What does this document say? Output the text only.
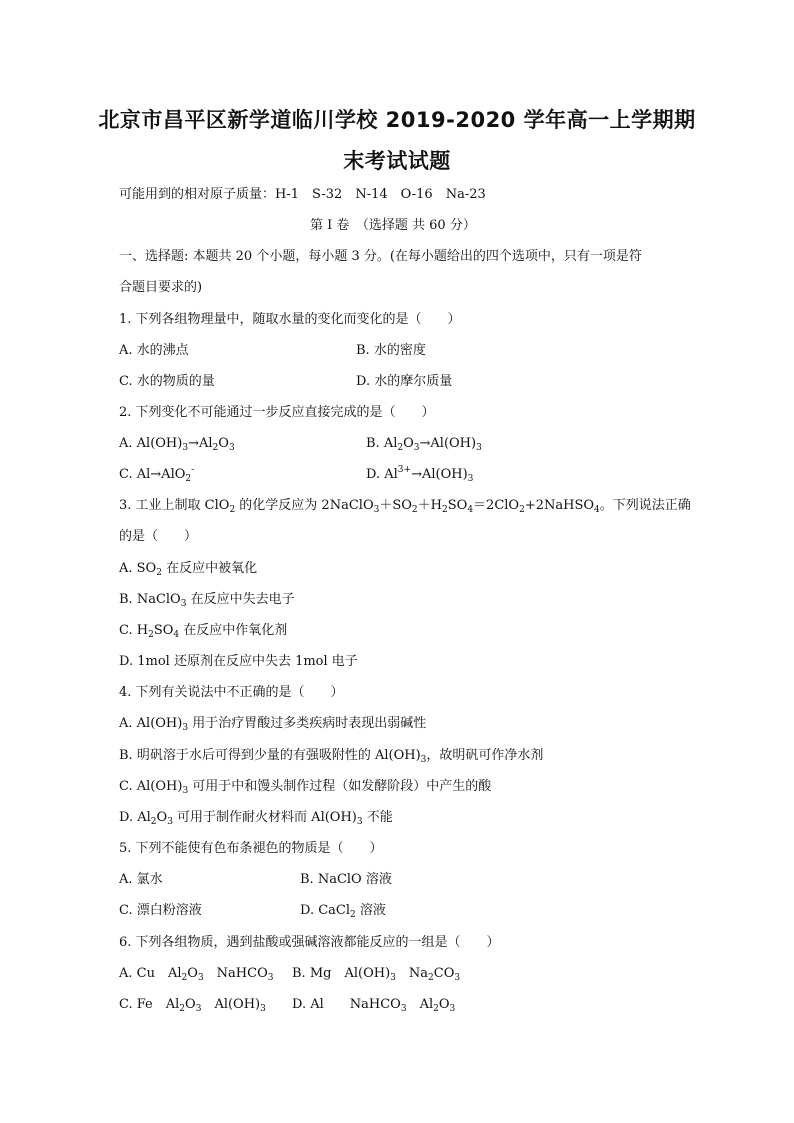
北京市昌平区新学道临川学校 2019-2020 学年高一上学期期
末考试试题
可能用到的相对原子质量：H-1　S-32　N-14　O-16　Na-23
第 I 卷　（选择题 共 60 分）
一、选择题: 本题共 20 个小题，每小题 3 分。(在每小题给出的四个选项中，只有一项是符
合题目要求的)
1. 下列各组物理量中，随取水量的变化而变化的是（　　）
A. 水的沸点	B. 水的密度
C. 水的物质的量	D. 水的摩尔质量
2. 下列变化不可能通过一步反应直接完成的是（　　）
A. $Al(OH)_3\to Al_2O_3$	B. $Al_2O_3\to Al(OH)_3$
C. Al→AlO$_2$-	D. $Al^{3+}\to Al(OH)_3$
3. 工业上制取 ClO$_2$ 的化学反应为 $2NaClO_3+SO_2+H_2SO_4=2ClO_2+2NaHSO_4$。下列说法正确
的是（　　）
A. $SO_2$ 在反应中被氧化
B. NaClO$_3$ 在反应中失去电子
C. $H_2SO_4$ 在反应中作氧化剂
D. 1mol 还原剂在反应中失去 1mol 电子
4. 下列有关说法中不正确的是（　　）
A. $Al(OH)_3$ 用于治疗胃酸过多类疾病时表现出弱碱性
B. 明矾溶于水后可得到少量的有强吸附性的 $Al(OH)_3$，故明矾可作净水剂
C. $Al(OH)_3$ 可用于中和馒头制作过程（如发酵阶段）中产生的酸
D. $Al_2O_3$ 可用于制作耐火材料而 $Al(OH)_3$ 不能
5. 下列不能使有色布条褪色的物质是（　　）
A. 氯水	B. NaClO 溶液
C. 漂白粉溶液	D. CaCl$_2$ 溶液
6. 下列各组物质，遇到盐酸或强碱溶液都能反应的一组是（　　）
A. Cu　$Al_2O_3$　NaHCO$_3$ B. Mg　$Al(OH)_3$　$Na_2CO_3$
C. Fe　$Al_2O_3$　$Al(OH)_3$ D. Al　　NaHCO$_3$　$Al_2O_3$
